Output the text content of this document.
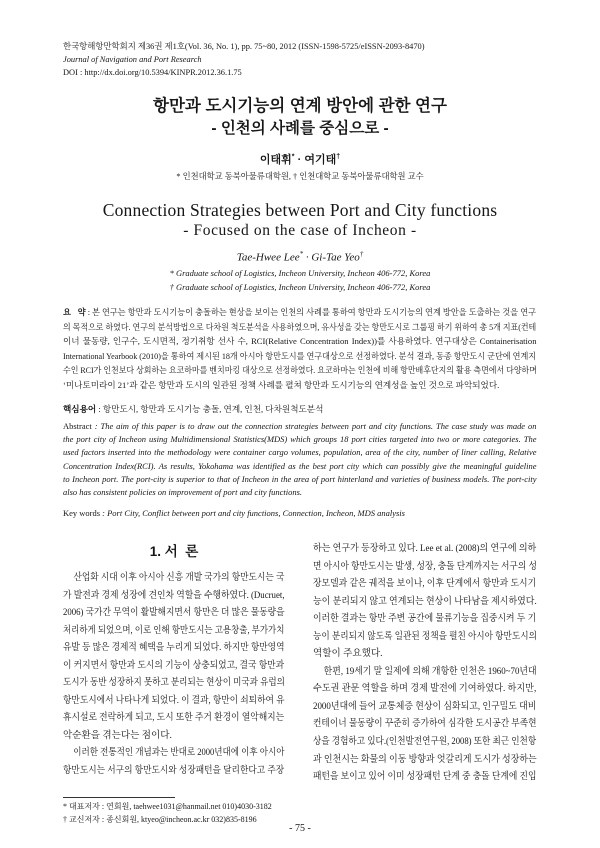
한국항해항만학회지 제36권 제1호(Vol. 36, No. 1), pp. 75~80, 2012 (ISSN-1598-5725/eISSN-2093-8470)
Journal of Navigation and Port Research
DOI : http://dx.doi.org/10.5394/KINPR.2012.36.1.75
항만과 도시기능의 연계 방안에 관한 연구
- 인천의 사례를 중심으로 -
이태휘* · 여기태†
* 인천대학교 동북아물류대학원, † 인천대학교 동북아물류대학원 교수
Connection Strategies between Port and City functions
- Focused on the case of Incheon -
Tae-Hwee Lee* · Gi-Tae Yeo†
* Graduate school of Logistics, Incheon University, Incheon 406-772, Korea
† Graduate school of Logistics, Incheon University, Incheon 406-772, Korea
요   약 : 본 연구는 항만과 도시기능이 충돌하는 현상을 보이는 인천의 사례를 통하여 항만과 도시기능의 연계 방안을 도출하는 것을 연구
의 목적으로 하였다. 연구의 분석방법으로 다차원 척도분석을 사용하였으며, 유사성을 갖는 항만도시로 그룹핑 하기 위하여 총 5개 지표(컨테
이너 물동량, 인구수, 도시면적, 정기취항 선사 수, RCI(Relative Concentration Index))를 사용하였다. 연구대상은 Containerisation
International Yearbook (2010)을 통하여 제시된 18개 아시아 항만도시를 연구대상으로 선정하였다. 분석 결과, 동종 항만도시 군단에 연계지
수인 RCI가 인천보다 상회하는 요코하마를 벤치마킹 대상으로 선정하였다. 요코하마는 인천에 비해 항만배후단지의 활용 측면에서 다양하며
‘미나토미라이 21’과 같은 항만과 도시의 일관된 정책 사례를 펼쳐 항만과 도시기능의 연계성을 높인 것으로 파악되었다.
핵심용어 : 항만도시, 항만과 도시기능 충돌, 연계, 인천, 다차원척도분석
Abstract : The aim of this paper is to draw out the connection strategies between port and city functions. The case study was made on
the port city of Incheon using Multidimensional Statistics(MDS) which groups 18 port cities targeted into two or more categories. The
used factors inserted into the methodology were container cargo volumes, population, area of the city, number of liner calling, Relative
Concentration Index(RCI). As results, Yokohama was identified as the best port city which can possibly give the meaningful guideline
to Incheon port. The port-city is superior to that of Incheon in the area of port hinterland and varieties of business models. The port-city
also has consistent policies on improvement of port and city functions.
Key words : Port City, Conflict between port and city functions, Connection, Incheon, MDS analysis
1. 서  론

산업화 시대 이후 아시아 신흥 개발 국가의 항만도시는 국
가 발전과 경제 성장에 견인차 역할을 수행하였다. (Ducruet,
2006) 국가간 무역이 활발해지면서 항만은 더 많은 물동량을
처리하게 되었으며, 이로 인해 항만도시는 고용창출, 부가가치
유발 등 많은 경제적 혜택을 누리게 되었다. 하지만 항만영역
이 커지면서 항만과 도시의 기능이 상충되었고, 결국 항만과
도시가 동반 성장하지 못하고 분리되는 현상이 미국과 유럽의
항만도시에서 나타나게 되었다. 이 결과, 항만이 쇠퇴하여 유
휴시설로 전락하게 되고, 도시 또한 주거 환경이 열악해지는
악순환을 겪는다는 점이다.

이러한 전통적인 개념과는 반대로 2000년대에 이후 아시아
항만도시는 서구의 항만도시와 성장패턴을 달리한다고 주장

하는 연구가 등장하고 있다. Lee et al. (2008)의 연구에 의하
면 아시아 항만도시는 발생, 성장, 충돌 단계까지는 서구의 성
장모델과 같은 궤적을 보이나, 이후 단계에서 항만과 도시기
능이 분리되지 않고 연계되는 현상이 나타남을 제시하였다.
이러한 결과는 항만 주변 공간에 물류기능을 집중시켜 두 기
능이 분리되지 않도록 일관된 정책을 펼친 아시아 항만도시의
역할이 주요했다.

한편, 19세기 말 일제에 의해 개항한 인천은 1960~70년대
수도권 관문 역할을 하며 경제 발전에 기여하였다. 하지만,
2000년대에 들어 교통체증 현상이 심화되고, 인구밀도 대비
컨테이너 물동량이 꾸준히 증가하여 심각한 도시공간 부족현
상을 경험하고 있다.(인천발전연구원, 2008) 또한 최근 인천항
과 인천시는 화물의 이동 방향과 엇갈리게 도시가 성장하는
패턴을 보이고 있어 이미 성장패턴 단계 중 충돌 단계에 진입

* 대표저자 : 연회원, taehwee1031@hanmail.net 010)4030-3182
† 교신저자 : 종신회원, ktyeo@incheon.ac.kr 032)835-8196
- 75 -
